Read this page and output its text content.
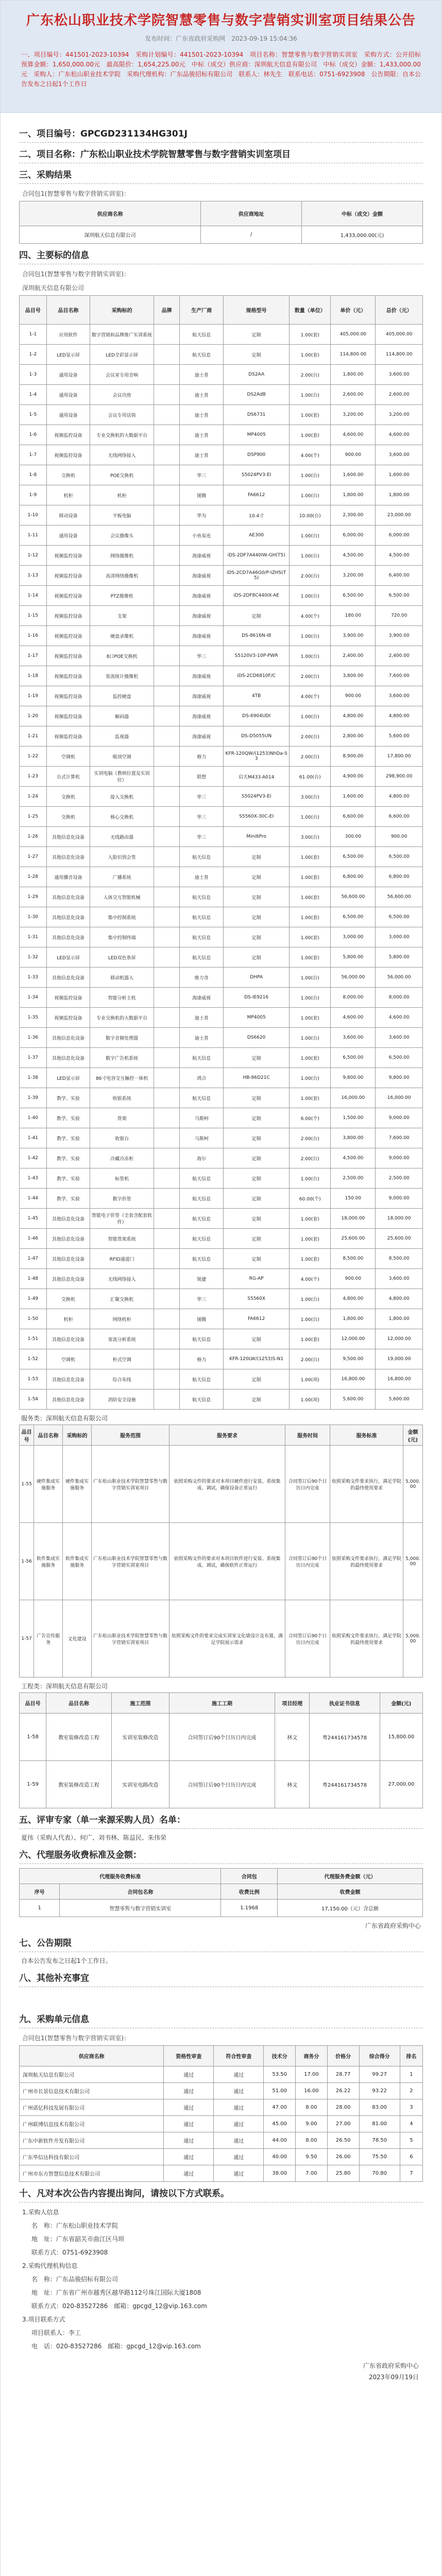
广东松山职业技术学院智慧零售与数字营销实训室项目结果公告
发布时间：广东省政府采购网　2023-09-19 15:04:36
一、项目编号：441501-2023-10394　采购计划编号：441501-2023-10394　项目名称：智慧零售与数字营销实训室　采购方式：公开招标　预算金额：1,650,000.00元　最高限价：1,654,225.00元　中标（成交）供应商：深圳航天信息有限公司　中标（成交）金额：1,433,000.00元　采购人：广东松山职业技术学院　采购代理机构：广东品骏招标有限公司　联系人：林先生　联系电话：0751-6923908　公告期限：自本公告发布之日起1个工作日
一、项目编号：GPCGD231134HG301J
二、项目名称：广东松山职业技术学院智慧零售与数字营销实训室项目
三、采购结果
合同包1(智慧零售与数字营销实训室)：
供应商名称	供应商地址	中标（成交）金额
深圳航天信息有限公司	/	1,433,000.00(元)
四、主要标的信息
合同包1(智慧零售与数字营销实训室)：
深圳航天信息有限公司
品目号	品目名称	采购标的	品牌	生产厂商	规格型号	数量（单位）	单价（元）	总价（元）
1-1	应用软件	数字营销和品牌推广实训系统		航天信息	定制	1.00(套)	405,000.00	405,000.00
1-2	LED显示屏	LED全彩显示屏		航天信息	定制	1.00(套)	114,800.00	114,800.00
1-3	通用设备	会议室专用音响		迪士普	DS2AA	2.00(台)	1,800.00	3,600.00
1-4	通用设备	会议功放		迪士普	DS2AdB	1.00(台)	2,600.00	2,600.00
1-5	通用设备	会议专用话筒		迪士普	DS6731	1.00(套)	3,200.00	3,200.00
1-6	视频监控设备	专业交换机的大数据平台		迪士普	MP4005	1.00(套)	4,600.00	4,600.00
1-7	视频监控设备	无线网络接入		迪士普	DSP900	4.00(个)	900.00	3,600.00
1-8	交换机	POE交换机		华三	S5024PV3-EI	1.00(台)	1,600.00	1,600.00
1-9	机柜	机柜		图腾	FA6612	1.00(台)	1,800.00	1,800.00
1-10	移动设备	平板电脑		华为	10.4寸	10.00(台)	2,300.00	23,000.00
1-11	通用设备	会议摄像头		小鱼易连	AE300	1.00(台)	6,000.00	6,000.00
1-12	视频监控设备	网络摄像机		海康威视	iDS-2DF7A440IW-GH(T5)	1.00(台)	4,500.00	4,500.00
1-13	视频监控设备	高清网络摄像机		海康威视	iDS-2CD7A46G0/P-IZHS(T5)	2.00(台)	3,200.00	6,400.00
1-14	视频监控设备	PTZ摄像机		海康威视	iDS-2DF8C440IX-AE	1.00(台)	6,500.00	6,500.00
1-15	视频监控设备	支架		海康威视	定制	4.00(个)	180.00	720.00
1-16	视频监控设备	硬盘录像机		海康威视	DS-8616N-I8	1.00(台)	3,900.00	3,900.00
1-17	视频监控设备	8口POE交换机		华三	S5120V3-10P-PWR	1.00(台)	2,400.00	2,400.00
1-18	视频监控设备	客流统计摄像机		海康威视	iDS-2CD6810F/C	2.00(台)	3,800.00	7,600.00
1-19	视频监控设备	监控硬盘		海康威视	4TB	4.00(个)	900.00	3,600.00
1-20	视频监控设备	解码器		海康威视	DS-6904UDI	1.00(台)	4,800.00	4,800.00
1-21	视频监控设备	监视器		海康威视	DS-D5055UN	2.00(台)	2,800.00	5,600.00
1-22	空调机	吸顶空调		格力	KFR-120QW/(1253)NhDa-S3	2.00(台)	8,900.00	17,800.00
1-23	台式计算机	实训电脑（教师位置及实训位）		联想	启天M433-A014	61.00(台)	4,900.00	298,900.00
1-24	交换机	接入交换机		华三	S5024PV3-EI	3.00(台)	1,600.00	4,800.00
1-25	交换机	核心交换机		华三	S5560X-30C-EI	1.00(台)	6,600.00	6,600.00
1-26	其他信息化设备	无线路由器		华三	Mini6Pro	3.00(台)	300.00	900.00
1-27	其他信息化设备	人脸识别会签		航天信息	定制	1.00(套)	6,500.00	6,500.00
1-28	通用播音设备	广播系统		迪士普	定制	1.00(套)	6,800.00	6,800.00
1-29	其他信息化设备	人体交互智能机械		航天信息	定制	1.00(套)	56,600.00	56,600.00
1-30	其他信息化设备	集中控制系统		航天信息	定制	1.00(套)	6,500.00	6,500.00
1-31	其他信息化设备	集中控制终端		航天信息	定制	1.00(套)	3,000.00	3,000.00
1-32	LED显示屏	LED双色条屏		航天信息	定制	1.00(套)	5,800.00	5,800.00
1-33	其他信息化设备	移动机器人		维力奇	DHPA	1.00(台)	56,000.00	56,000.00
1-34	视频监控设备	智能分析主机		海康威视	DS-IE9216	1.00(台)	8,000.00	8,000.00
1-35	视频监控设备	专业交换机的大数据平台		迪士普	MP4005	1.00(套)	4,600.00	4,600.00
1-36	其他信息化设备	数字音频处理器		迪士普	DS6620	1.00(台)	3,600.00	3,600.00
1-37	其他信息化设备	数字广告机系统		航天信息	定制	1.00(套)	6,500.00	6,500.00
1-38	LED显示屏	86寸电容交互触控一体机		鸿合	HB-86D21C	1.00(台)	9,800.00	9,800.00
1-39	教学、实验	收银系统		航天信息	定制	1.00(套)	16,000.00	16,000.00
1-40	教学、实验	货架		马斯柯	定制	6.00(个)	1,500.00	9,000.00
1-41	教学、实验	收银台		马斯柯	定制	2.00(台)	3,800.00	7,600.00
1-42	教学、实验	冷藏冷冻柜		海尔	定制	2.00(台)	4,500.00	9,000.00
1-43	教学、实验	标签机		航天信息	定制	1.00(台)	2,500.00	2,500.00
1-44	教学、实验	数字价签		航天信息	定制	60.00(个)	150.00	9,000.00
1-45	其他信息化设备	智能电子价签（全套含配套软件）		航天信息	定制	1.00(套)	18,000.00	18,000.00
1-46	其他信息化设备	智能货架系统		航天信息	定制	1.00(套)	25,600.00	25,600.00
1-47	其他信息化设备	RFID通道门		航天信息	定制	1.00(套)	8,500.00	8,500.00
1-48	其他信息化设备	无线网络接入		锐捷	RG-AP	4.00(个)	900.00	3,600.00
1-49	交换机	汇聚交换机		华三	S5560X	1.00(台)	4,800.00	4,800.00
1-50	机柜	网络机柜		图腾	FA6612	1.00(台)	1,800.00	1,800.00
1-51	其他信息化设备	客流分析系统		航天信息	定制	1.00(套)	12,000.00	12,000.00
1-52	空调机	柜式空调		格力	KFR-120LW/(1253)S-N1	2.00(台)	9,500.00	19,000.00
1-53	其他信息化设备	综合布线		航天信息	定制	1.00(项)	16,800.00	16,800.00
1-54	其他信息化设备	消防安全设施		航天信息	定制	1.00(项)	5,600.00	5,600.00
服务类：深圳航天信息有限公司
品目号	品目名称	采购标的	服务范围	服务要求	服务时间	服务标准	金额(元)
1-55	硬件集成实施服务	硬件集成实施服务	广东松山职业技术学院智慧零售与数字营销实训室项目	依照采购文件的要求对本项目硬件进行安装、系统集成、调试，确保设备正常运行	合同签订后90个日历日内完成	依照采购文件要求执行，满足学院的最终使用要求	5,000.00
1-56	软件集成实施服务	软件集成实施服务	广东松山职业技术学院智慧零售与数字营销实训室项目	依照采购文件的要求对本项目软件进行安装、系统集成、调试，确保软件正常运行	合同签订后90个日历日内完成	依照采购文件要求执行，满足学院的最终使用要求	5,000.00
1-57	广告宣传服务	文化建设	广东松山职业技术学院智慧零售与数字营销实训室项目	依照采购文件的要求完成实训室文化墙设计及布置，满足学院展示需求	合同签订后90个日历日内完成	依照采购文件要求执行，满足学院的最终使用要求	5,000.00
工程类：深圳航天信息有限公司
品目号	品目名称	施工范围	施工工期	项目经理	执业证书信息	金额(元)
1-58	教室装修改造工程	实训室装修改造	合同签订后90个日历日内完成	林文	粤244161734578	15,800.00
1-59	教室装修改造工程	实训室电路改造	合同签订后90个日历日内完成	林文	粤244161734578	27,000.00
五、评审专家（单一来源采购人员）名单：
夏伟（采购人代表）、何广、刘书林、陈益民、朱伟荣
六、代理服务收费标准及金额：
代理服务收费标准		合同包	代理服务费金额（元）
序号	合同包名称	收费比例	收费金额
1	智慧零售与数字营销实训室	1.1968	17,150.00（元）含总额
广东省政府采购中心
七、公告期限
自本公告发布之日起1个工作日。
八、其他补充事宜
九、采购单元信息
合同包1(智慧零售与数字营销实训室)：
供应商名称	资格性审查	符合性审查	技术分	商务分	价格分	综合得分	排名
深圳航天信息有限公司	通过	通过	53.50	17.00	28.77	99.27	1
广州市长景信息技术有限公司	通过	通过	51.00	16.00	26.22	93.22	2
广州诺亿科技发展有限公司	通过	通过	47.00	8.00	28.00	83.00	3
广州联博信息技术有限公司	通过	通过	45.00	9.00	27.00	81.00	4
广东中新软件开发有限公司	通过	通过	44.00	8.00	26.50	78.50	5
广东华信达科技有限公司	通过	通过	40.00	9.50	26.00	75.50	6
广州市东方智慧信息技术有限公司	通过	通过	38.00	7.00	25.80	70.80	7
十、凡对本次公告内容提出询问，请按以下方式联系。
1.采购人信息
名　称：广东松山职业技术学院
地　址：广东省韶关市曲江区马坝
联系方式：0751-6923908
2.采购代理机构信息
名　称：广东品骏招标有限公司
地　址：广东省广州市越秀区越华路112号珠江国际大厦1808
联系方式：020-83527286　邮箱：gpcgd_12@vip.163.com
3.项目联系方式
项目联系人：李工
电　话：020-83527286　邮箱：gpcgd_12@vip.163.com
广东省政府采购中心
2023年09月19日
